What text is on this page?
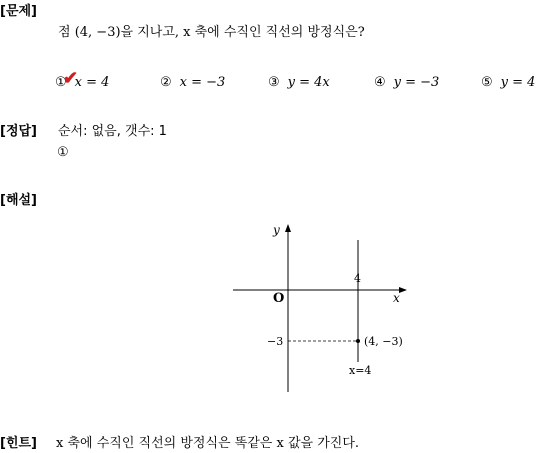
[문제]
[정답]
[해설]
[힌트]
점 (4, −3)을 지나고, x 축에 수직인 직선의 방정식은?
① x = 4
✔	② x = −3	③ y = 4x	④ y = −3	⑤ y = 4
순서: 없음, 갯수: 1
①
y
x
O
4
−3	(4, −3)
x=4
x 축에 수직인 직선의 방정식은 똑같은 x 값을 가진다.
